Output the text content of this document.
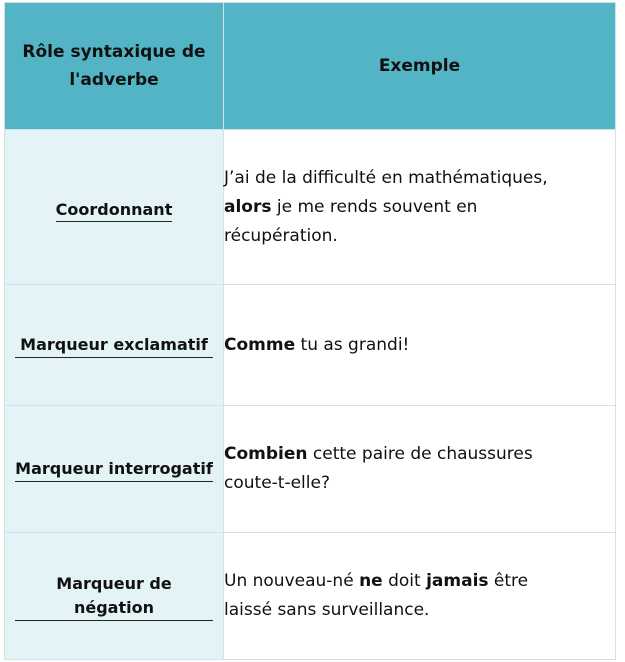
Rôle syntaxique de l'adverbe	Exemple
Coordonnant	J’ai de la difficulté en mathématiques, alors je me rends souvent en récupération.

Marqueur exclamatif	Comme tu as grandi!

Marqueur interrogatif	Combien cette paire de chaussures coute-t-elle?

Marqueur de négation	Un nouveau-né ne doit jamais être laissé sans surveillance.
